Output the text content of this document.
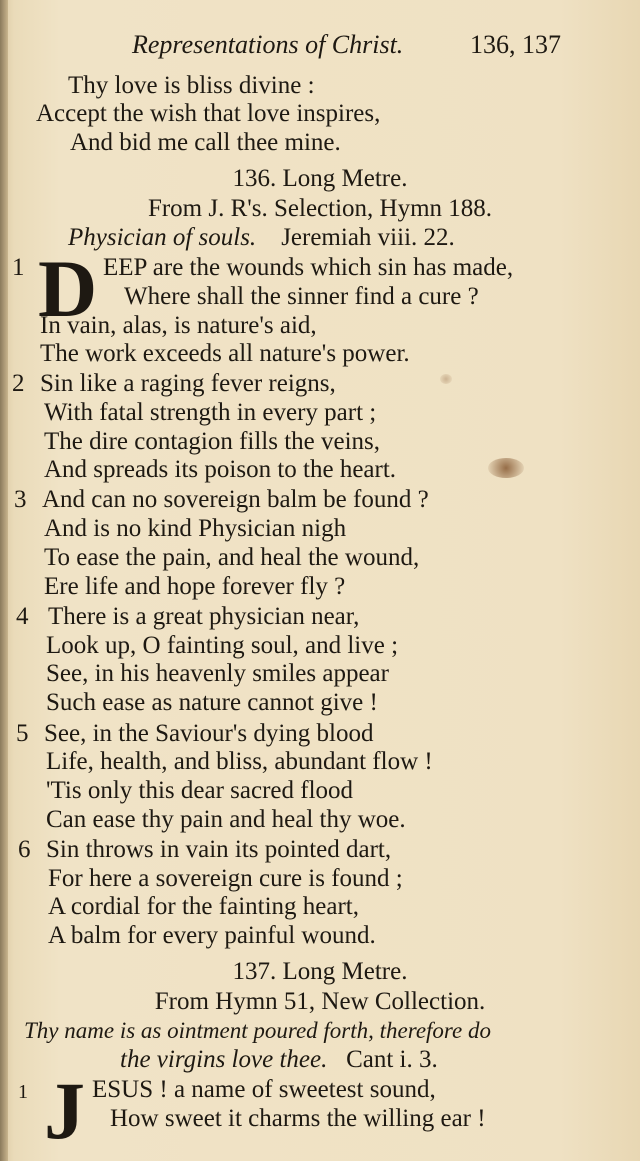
Representations of Christ.	136, 137
Thy love is bliss divine :
Accept the wish that love inspires,
And bid me call thee mine.
136. Long Metre.
From J. R's. Selection, Hymn 188.
Physician of souls. Jeremiah viii. 22.
1 D EEP are the wounds which sin has made,
Where shall the sinner find a cure ?
In vain, alas, is nature's aid,
The work exceeds all nature's power.
2 Sin like a raging fever reigns,
With fatal strength in every part ;
The dire contagion fills the veins,
And spreads its poison to the heart.
3 And can no sovereign balm be found ?
And is no kind Physician nigh
To ease the pain, and heal the wound,
Ere life and hope forever fly ?
4 There is a great physician near,
Look up, O fainting soul, and live ;
See, in his heavenly smiles appear
Such ease as nature cannot give !
5 See, in the Saviour's dying blood
Life, health, and bliss, abundant flow !
'Tis only this dear sacred flood
Can ease thy pain and heal thy woe.
6 Sin throws in vain its pointed dart,
For here a sovereign cure is found ;
A cordial for the fainting heart,
A balm for every painful wound.
137. Long Metre.
From Hymn 51, New Collection.
Thy name is as ointment poured forth, therefore do
the virgins love thee. Cant i. 3.
1 J ESUS ! a name of sweetest sound,
How sweet it charms the willing ear !
